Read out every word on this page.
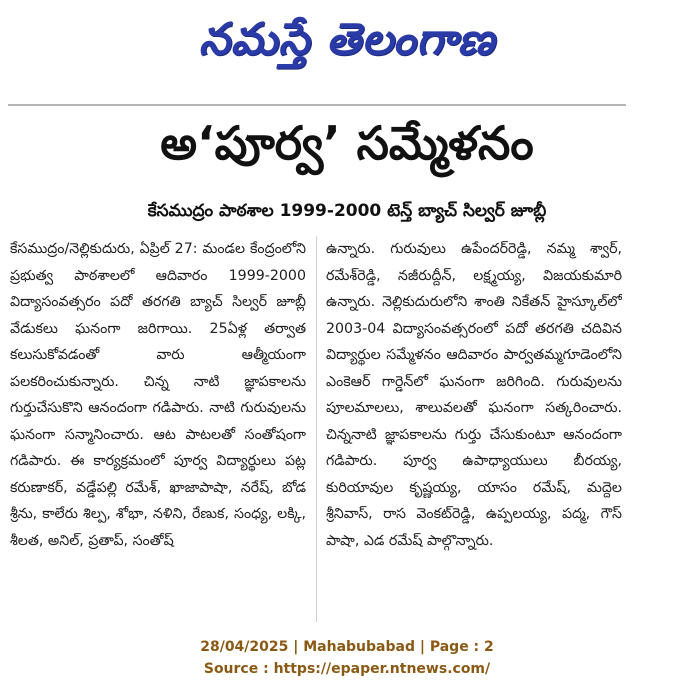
నమస్తే తెలంగాణ
అ‘పూర్వ’ సమ్మేళనం
కేసముద్రం పాఠశాల 1999-2000 టెన్త్ బ్యాచ్ సిల్వర్ జూబ్లీ

కేసముద్రం/నెల్లికుదురు, ఏప్రిల్ 27: మండల కేంద్రంలోని ప్రభుత్వ పాఠశాలలో ఆదివారం 1999-2000 విద్యాసంవత్సరం పదో తరగతి బ్యాచ్ సిల్వర్ జూబ్లీ వేడుకలు ఘనంగా జరిగాయి. 25ఏళ్ల తర్వాత కలుసుకోవడంతో వారు ఆత్మీయంగా పలకరించుకున్నారు. చిన్న నాటి జ్ఞాపకాలను గుర్తుచేసుకొని ఆనందంగా గడిపారు. నాటి గురువులను ఘనంగా సన్మానించారు. ఆట పాటలతో సంతోషంగా గడిపారు. ఈ కార్యక్రమంలో పూర్వ విద్యార్థులు పట్ల కరుణాకర్, వడ్డేపల్లి రమేశ్, ఖాజాపాషా, నరేష్, బోడ శ్రీను, కాలేరు శిల్ప, శోభా, నళిని, రేణుక, సంధ్య, లక్కి, శీలత, అనిల్, ప్రతాప్, సంతోష్

ఉన్నారు. గురువులు ఉపేందర్‌రెడ్డి, నమ్మ శ్వార్, రమేశ్‌రెడ్డి, నజీరుద్దీన్, లక్ష్మయ్య, విజయకుమారి ఉన్నారు. నెల్లికుదురులోని శాంతి నికేతన్ హైస్కూల్‌లో 2003-04 విద్యాసంవత్సరంలో పదో తరగతి చదివిన విద్యార్థుల సమ్మేళనం ఆదివారం పార్వతమ్మగూడెంలోని ఎంకెఆర్ గార్డెన్‌లో ఘనంగా జరిగింది. గురువులను పూలమాలలు, శాలువలతో ఘనంగా సత్కరించారు. చిన్ననాటి జ్ఞాపకాలను గుర్తు చేసుకుంటూ ఆనందంగా గడిపారు. పూర్వ ఉపాధ్యాయులు బీరయ్య, కురియావుల కృష్ణయ్య, యాసం రమేష్, మద్దెల శ్రీనివాస్, రాస వెంకట్‌రెడ్డి, ఉప్పలయ్య, పద్మ, గౌస్ పాషా, ఎడ రమేష్ పాల్గొన్నారు.

28/04/2025 | Mahabubabad | Page : 2
Source : https://epaper.ntnews.com/
